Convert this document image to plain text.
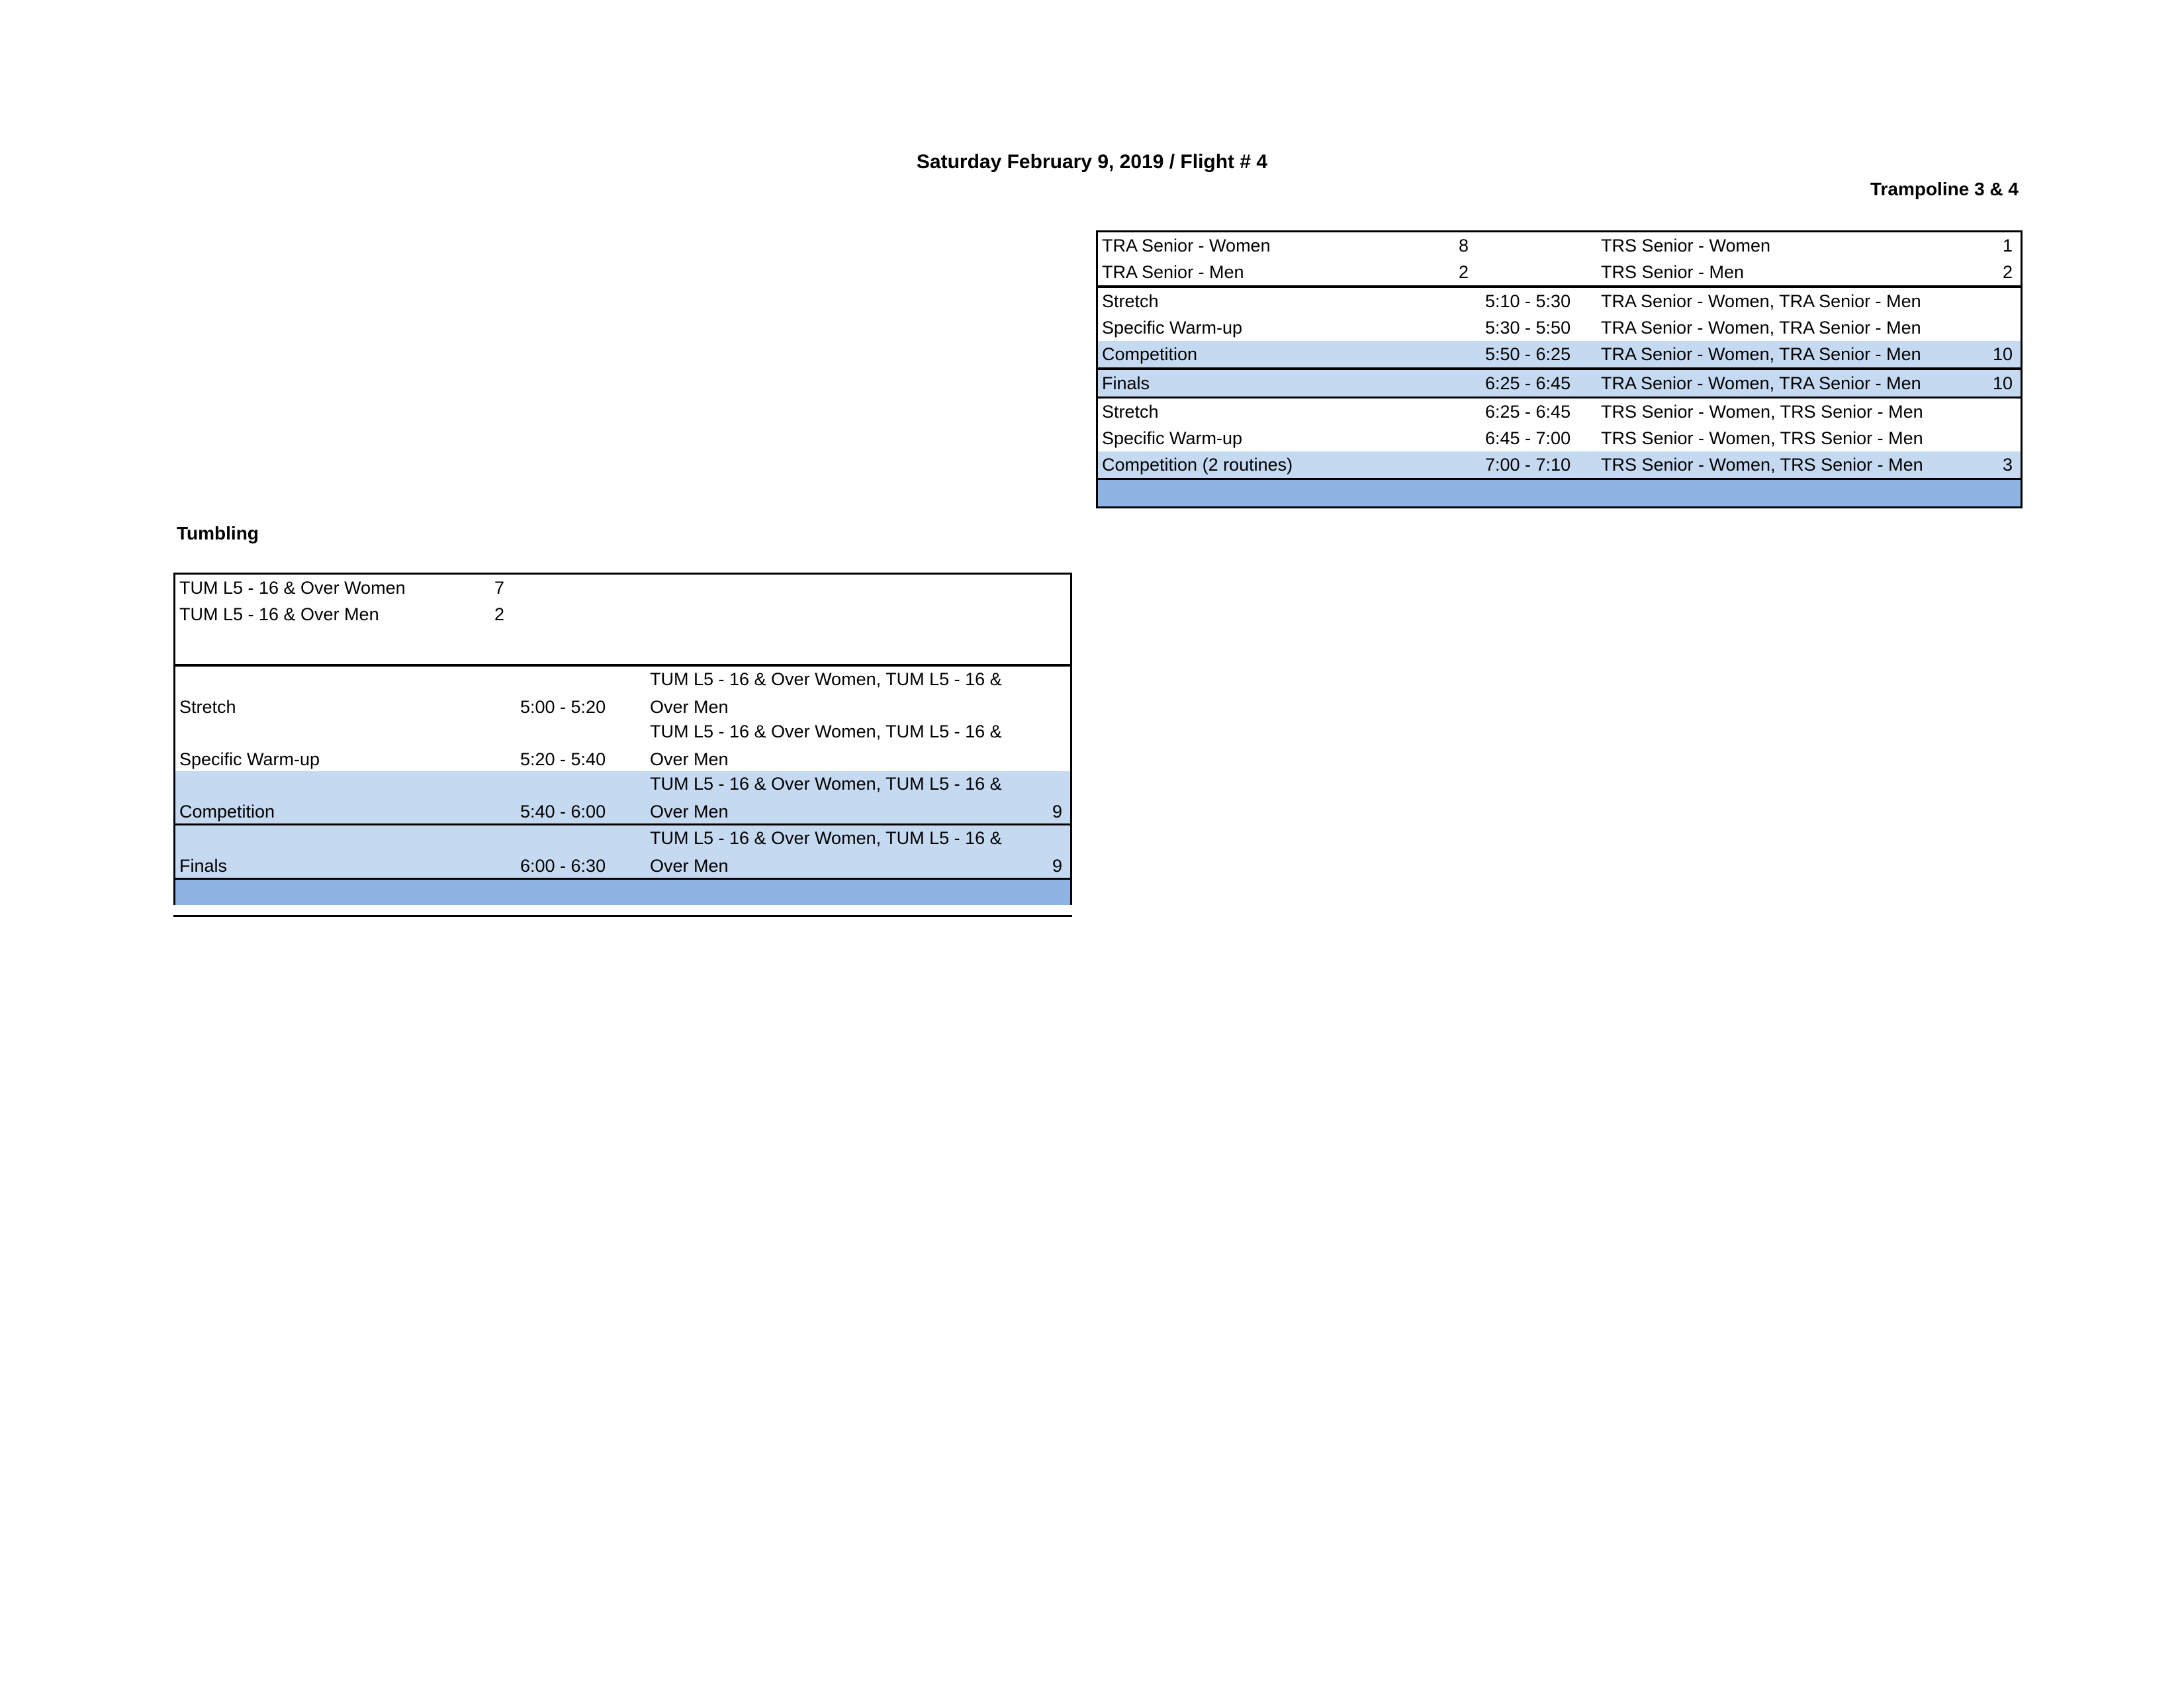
Saturday February 9, 2019 / Flight # 4
Trampoline 3 & 4
TRA Senior - Women	8	TRS Senior - Women	1
TRA Senior - Men	2	TRS Senior - Men	2
Stretch	5:10 - 5:30 TRA Senior - Women, TRA Senior - Men
Specific Warm-up	5:30 - 5:50 TRA Senior - Women, TRA Senior - Men
Competition	5:50 - 6:25 TRA Senior - Women, TRA Senior - Men	10
Finals	6:25 - 6:45 TRA Senior - Women, TRA Senior - Men	10
Stretch	6:25 - 6:45 TRS Senior - Women, TRS Senior - Men
Specific Warm-up	6:45 - 7:00 TRS Senior - Women, TRS Senior - Men
Competition (2 routines)	7:00 - 7:10 TRS Senior - Women, TRS Senior - Men	3
Tumbling
TUM L5 - 16 & Over Women	7
TUM L5 - 16 & Over Men	2
Stretch	5:00 - 5:20
TUM L5 - 16 & Over Women, TUM L5 - 16 &
Over Men
Specific Warm-up	5:20 - 5:40
TUM L5 - 16 & Over Women, TUM L5 - 16 &
Over Men
Competition	5:40 - 6:00
TUM L5 - 16 & Over Women, TUM L5 - 16 &
Over Men	9
Finals	6:00 - 6:30
TUM L5 - 16 & Over Women, TUM L5 - 16 &
Over Men	9
